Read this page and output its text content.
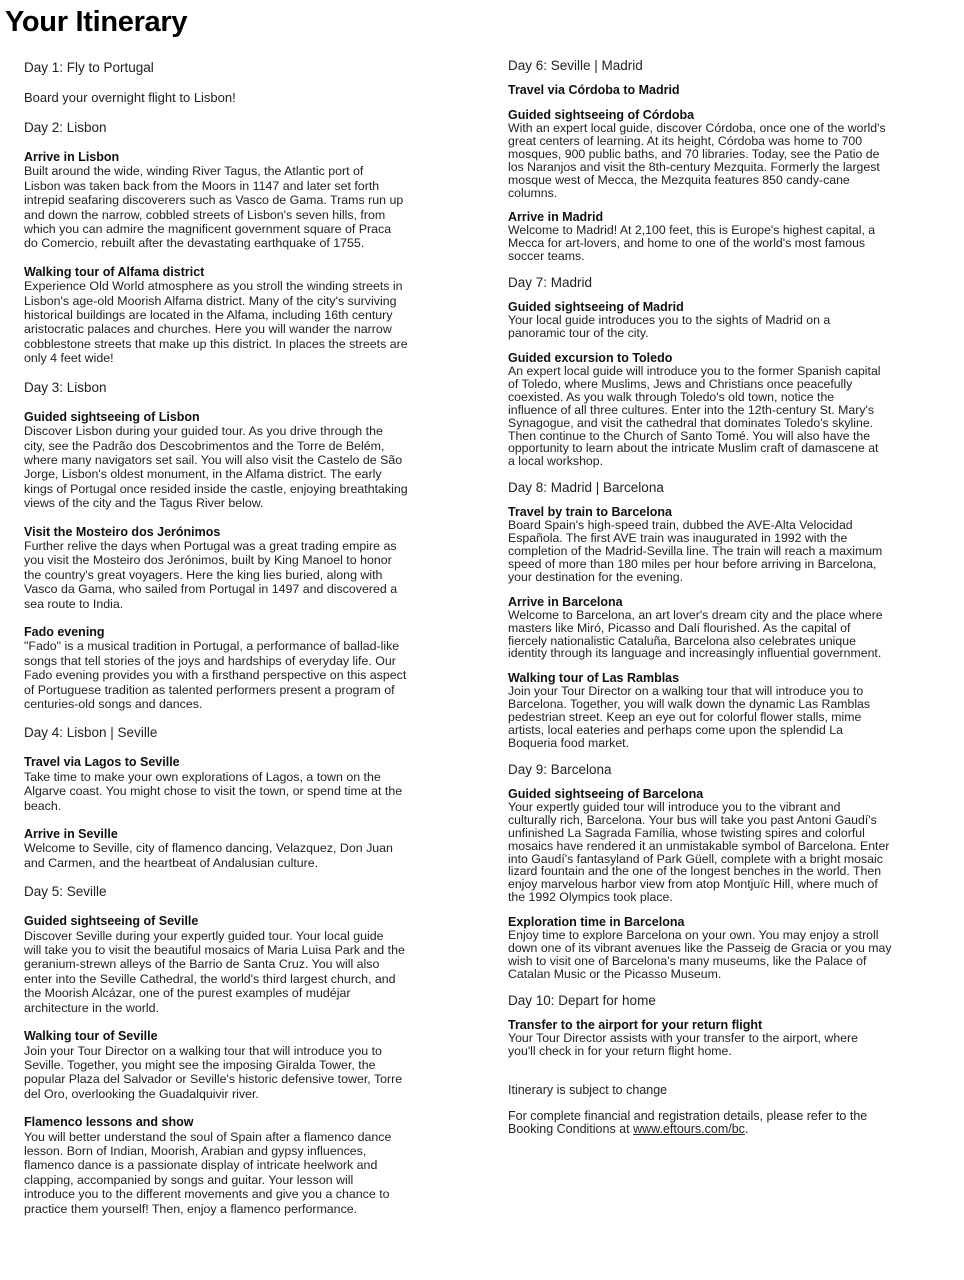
Your Itinerary
Day 1: Fly to Portugal
Board your overnight flight to Lisbon!
Day 2: Lisbon
Arrive in Lisbon
Built around the wide, winding River Tagus, the Atlantic port of
Lisbon was taken back from the Moors in 1147 and later set forth
intrepid seafaring discoverers such as Vasco de Gama. Trams run up
and down the narrow, cobbled streets of Lisbon's seven hills, from
which you can admire the magnificent government square of Praca
do Comercio, rebuilt after the devastating earthquake of 1755.
Walking tour of Alfama district
Experience Old World atmosphere as you stroll the winding streets in
Lisbon's age-old Moorish Alfama district. Many of the city's surviving
historical buildings are located in the Alfama, including 16th century
aristocratic palaces and churches. Here you will wander the narrow
cobblestone streets that make up this district. In places the streets are
only 4 feet wide!
Day 3: Lisbon
Guided sightseeing of Lisbon
Discover Lisbon during your guided tour. As you drive through the
city, see the Padrão dos Descobrimentos and the Torre de Belém,
where many navigators set sail. You will also visit the Castelo de São
Jorge, Lisbon's oldest monument, in the Alfama district. The early
kings of Portugal once resided inside the castle, enjoying breathtaking
views of the city and the Tagus River below.
Visit the Mosteiro dos Jerónimos
Further relive the days when Portugal was a great trading empire as
you visit the Mosteiro dos Jerónimos, built by King Manoel to honor
the country's great voyagers. Here the king lies buried, along with
Vasco da Gama, who sailed from Portugal in 1497 and discovered a
sea route to India.
Fado evening
"Fado" is a musical tradition in Portugal, a performance of ballad-like
songs that tell stories of the joys and hardships of everyday life. Our
Fado evening provides you with a firsthand perspective on this aspect
of Portuguese tradition as talented performers present a program of
centuries-old songs and dances.
Day 4: Lisbon | Seville
Travel via Lagos to Seville
Take time to make your own explorations of Lagos, a town on the
Algarve coast. You might chose to visit the town, or spend time at the
beach.
Arrive in Seville
Welcome to Seville, city of flamenco dancing, Velazquez, Don Juan
and Carmen, and the heartbeat of Andalusian culture.
Day 5: Seville
Guided sightseeing of Seville
Discover Seville during your expertly guided tour. Your local guide
will take you to visit the beautiful mosaics of Maria Luisa Park and the
geranium-strewn alleys of the Barrio de Santa Cruz. You will also
enter into the Seville Cathedral, the world's third largest church, and
the Moorish Alcázar, one of the purest examples of mudéjar
architecture in the world.
Walking tour of Seville
Join your Tour Director on a walking tour that will introduce you to
Seville. Together, you might see the imposing Giralda Tower, the
popular Plaza del Salvador or Seville's historic defensive tower, Torre
del Oro, overlooking the Guadalquivir river.
Flamenco lessons and show
You will better understand the soul of Spain after a flamenco dance
lesson. Born of Indian, Moorish, Arabian and gypsy influences,
flamenco dance is a passionate display of intricate heelwork and
clapping, accompanied by songs and guitar. Your lesson will
introduce you to the different movements and give you a chance to
practice them yourself! Then, enjoy a flamenco performance.
Day 6: Seville | Madrid
Travel via Córdoba to Madrid
Guided sightseeing of Córdoba
With an expert local guide, discover Córdoba, once one of the world's
great centers of learning. At its height, Córdoba was home to 700
mosques, 900 public baths, and 70 libraries. Today, see the Patio de
los Naranjos and visit the 8th-century Mezquita. Formerly the largest
mosque west of Mecca, the Mezquita features 850 candy-cane
columns.
Arrive in Madrid
Welcome to Madrid! At 2,100 feet, this is Europe's highest capital, a
Mecca for art-lovers, and home to one of the world's most famous
soccer teams.
Day 7: Madrid
Guided sightseeing of Madrid
Your local guide introduces you to the sights of Madrid on a
panoramic tour of the city.
Guided excursion to Toledo
An expert local guide will introduce you to the former Spanish capital
of Toledo, where Muslims, Jews and Christians once peacefully
coexisted. As you walk through Toledo's old town, notice the
influence of all three cultures. Enter into the 12th-century St. Mary's
Synagogue, and visit the cathedral that dominates Toledo's skyline.
Then continue to the Church of Santo Tomé. You will also have the
opportunity to learn about the intricate Muslim craft of damascene at
a local workshop.
Day 8: Madrid | Barcelona
Travel by train to Barcelona
Board Spain's high-speed train, dubbed the AVE-Alta Velocidad
Española. The first AVE train was inaugurated in 1992 with the
completion of the Madrid-Sevilla line. The train will reach a maximum
speed of more than 180 miles per hour before arriving in Barcelona,
your destination for the evening.
Arrive in Barcelona
Welcome to Barcelona, an art lover's dream city and the place where
masters like Miró, Picasso and Dalí flourished. As the capital of
fiercely nationalistic Cataluña, Barcelona also celebrates unique
identity through its language and increasingly influential government.
Walking tour of Las Ramblas
Join your Tour Director on a walking tour that will introduce you to
Barcelona. Together, you will walk down the dynamic Las Ramblas
pedestrian street. Keep an eye out for colorful flower stalls, mime
artists, local eateries and perhaps come upon the splendid La
Boqueria food market.
Day 9: Barcelona
Guided sightseeing of Barcelona
Your expertly guided tour will introduce you to the vibrant and
culturally rich, Barcelona. Your bus will take you past Antoni Gaudí's
unfinished La Sagrada Família, whose twisting spires and colorful
mosaics have rendered it an unmistakable symbol of Barcelona. Enter
into Gaudí's fantasyland of Park Güell, complete with a bright mosaic
lizard fountain and the one of the longest benches in the world. Then
enjoy marvelous harbor view from atop Montjuïc Hill, where much of
the 1992 Olympics took place.
Exploration time in Barcelona
Enjoy time to explore Barcelona on your own. You may enjoy a stroll
down one of its vibrant avenues like the Passeig de Gracia or you may
wish to visit one of Barcelona's many museums, like the Palace of
Catalan Music or the Picasso Museum.
Day 10: Depart for home
Transfer to the airport for your return flight
Your Tour Director assists with your transfer to the airport, where
you'll check in for your return flight home.
Itinerary is subject to change
For complete financial and registration details, please refer to the
Booking Conditions at www.eftours.com/bc.
